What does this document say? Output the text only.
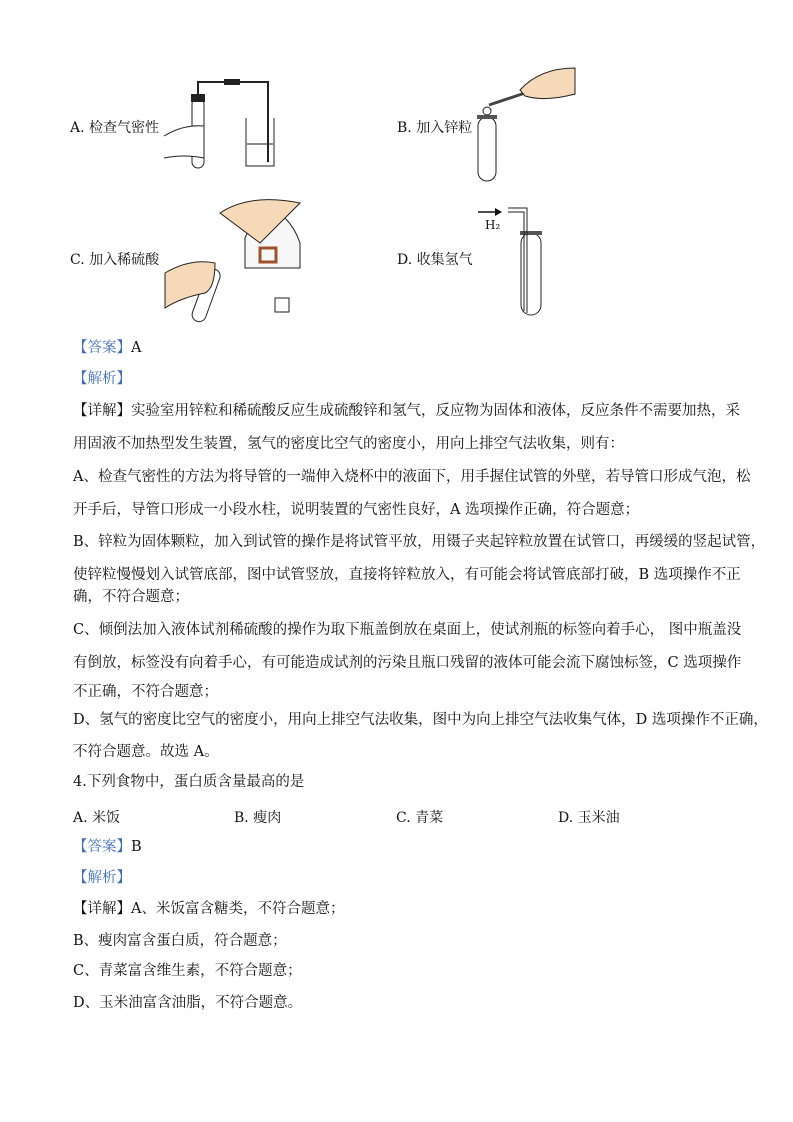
A. 检查气密性	B. 加入锌粒
C. 加入稀硫酸	D. 收集氢气
H₂
【答案】A
【解析】
【详解】实验室用锌粒和稀硫酸反应生成硫酸锌和氢气，反应物为固体和液体，反应条件不需要加热，采
用固液不加热型发生装置，氢气的密度比空气的密度小，用向上排空气法收集，则有：
A、检查气密性的方法为将导管的一端伸入烧杯中的液面下，用手握住试管的外壁，若导管口形成气泡，松
开手后，导管口形成一小段水柱，说明装置的气密性良好，A 选项操作正确，符合题意；
B、锌粒为固体颗粒，加入到试管的操作是将试管平放，用镊子夹起锌粒放置在试管口，再缓缓的竖起试管，
使锌粒慢慢划入试管底部，图中试管竖放，直接将锌粒放入，有可能会将试管底部打破，B 选项操作不正
确，不符合题意；
C、倾倒法加入液体试剂稀硫酸的操作为取下瓶盖倒放在桌面上，使试剂瓶的标签向着手心， 图中瓶盖没
有倒放，标签没有向着手心，有可能造成试剂的污染且瓶口残留的液体可能会流下腐蚀标签，C 选项操作
不正确，不符合题意；
D、氢气的密度比空气的密度小，用向上排空气法收集，图中为向上排空气法收集气体，D 选项操作不正确，
不符合题意。故选 A。
4.下列食物中，蛋白质含量最高的是
A. 米饭	B. 瘦肉	C. 青菜	D. 玉米油
【答案】B
【解析】
【详解】A、米饭富含糖类，不符合题意；
B、瘦肉富含蛋白质，符合题意；
C、青菜富含维生素，不符合题意；
D、玉米油富含油脂，不符合题意。
